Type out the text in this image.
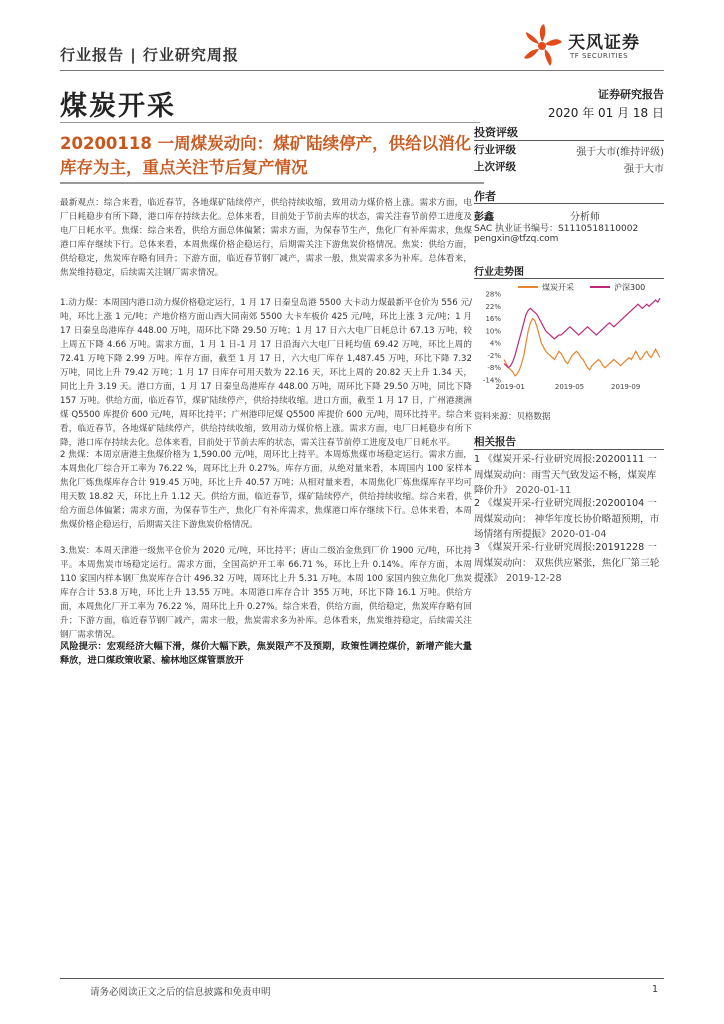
行业报告 | 行业研究周报
天风证券
TF SECURITIES
煤炭开采
20200118 一周煤炭动向：煤矿陆续停产，供给以消化库存为主，重点关注节后复产情况
证券研究报告
2020 年 01 月 18 日
投资评级
行业评级	强于大市(维持评级)
上次评级	强于大市
作者
彭鑫	分析师
SAC 执业证书编号：S1110518110002
pengxin@tfzq.com
行业走势图
煤炭开采	沪深300
28%
22%
16%
10%
4%
-2%
-8%
-14%
2019-01	2019-05	2019-09
资料来源：贝格数据
相关报告
1 《煤炭开采-行业研究周报:20200111 一周煤炭动向：雨雪天气致发运不畅，煤炭库降价升》 2020-01-11
2 《煤炭开采-行业研究周报:20200104 一周煤炭动向： 神华年度长协价略超预期，市场情绪有所提振》2020-01-04
3 《煤炭开采-行业研究周报:20191228 一周煤炭动向： 双焦供应紧张，焦化厂第三轮提涨》 2019-12-28
最新观点：综合来看，临近春节，各地煤矿陆续停产，供给持续收缩，致用动力煤价格上涨。需求方面，电厂日耗稳步有所下降，港口库存持续去化。总体来看，目前处于节前去库的状态，需关注春节前停工进度及电厂日耗水平。焦煤：综合来看，供给方面总体偏紧；需求方面，为保春节生产，焦化厂有补库需求，焦煤港口库存继续下行。总体来看，本周焦煤价格企稳运行，后期需关注下游焦炭价格情况。焦炭：供给方面，供给稳定，焦炭库存略有回升；下游方面，临近春节钢厂减产，需求一般，焦炭需求多为补库。总体看来，焦炭维持稳定，后续需关注钢厂需求情况。
1.动力煤：本周国内港口动力煤价格稳定运行，1 月 17 日秦皇岛港 5500 大卡动力煤最新平仓价为 556 元/吨，环比上涨 1 元/吨；产地价格方面山西大同南郊 5500 大卡车板价 425 元/吨，环比上涨 3 元/吨；1 月 17 日秦皇岛港库存 448.00 万吨，周环比下降 29.50 万吨；1 月 17 日六大电厂日耗总计 67.13 万吨，较上周五下降 4.66 万吨。需求方面，1 月 1 日-1 月 17 日沿海六大电厂日耗均值 69.42 万吨，环比上周的 72.41 万吨下降 2.99 万吨。库存方面，截至 1 月 17 日，六大电厂库存 1,487.45 万吨，环比下降 7.32 万吨，同比上升 79.42 万吨；1 月 17 日库存可用天数为 22.16 天，环比上周的 20.82 天上升 1.34 天，同比上升 3.19 天。港口方面，1 月 17 日秦皇岛港库存 448.00 万吨，周环比下降 29.50 万吨，同比下降 157 万吨。供给方面，临近春节，煤矿陆续停产，供给持续收缩。进口方面，截至 1 月 17 日，广州港澳洲煤 Q5500 库提价 600 元/吨，周环比持平；广州港印尼煤 Q5500 库提价 600 元/吨，周环比持平。综合来看，临近春节，各地煤矿陆续停产，供给持续收缩，致用动力煤价格上涨。需求方面，电厂日耗稳步有所下降，港口库存持续去化。总体来看，目前处于节前去库的状态，需关注春节前停工进度及电厂日耗水平。
2 焦煤：本周京唐港主焦煤价格为 1,590.00 元/吨，周环比上持平。本周炼焦煤市场稳定运行。需求方面，本周焦化厂综合开工率为 76.22 %，周环比上升 0.27%。库存方面，从绝对量来看，本周国内 100 家样本焦化厂炼焦煤库存合计 919.45 万吨，环比上升 40.57 万吨；从相对量来看，本周焦化厂炼焦煤库存平均可用天数 18.82 天，环比上升 1.12 天。供给方面，临近春节，煤矿陆续停产，供给持续收缩。综合来看，供给方面总体偏紧；需求方面，为保春节生产，焦化厂有补库需求，焦煤港口库存继续下行。总体来看，本周焦煤价格企稳运行，后期需关注下游焦炭价格情况。
3.焦炭：本周天津港一级焦平仓价为 2020 元/吨，环比持平；唐山二级冶金焦到厂价 1900 元/吨，环比持平。本周焦炭市场稳定运行。需求方面，全国高炉开工率 66.71 %，环比上升 0.14%。库存方面，本周 110 家国内样本钢厂焦炭库存合计 496.32 万吨，周环比上升 5.31 万吨。本周 100 家国内独立焦化厂焦炭库存合计 53.8 万吨，环比上升 13.55 万吨。本周港口库存合计 355 万吨，环比下降 16.1 万吨。供给方面，本周焦化厂开工率为 76.22 %，周环比上升 0.27%。综合来看，供给方面，供给稳定，焦炭库存略有回升；下游方面，临近春节钢厂减产，需求一般，焦炭需求多为补库。总体看来，焦炭维持稳定，后续需关注钢厂需求情况。
风险提示：宏观经济大幅下滑，煤价大幅下跌，焦炭限产不及预期，政策性调控煤价，新增产能大量释放，进口煤政策收紧、榆林地区煤管票放开
请务必阅读正文之后的信息披露和免责申明	1
